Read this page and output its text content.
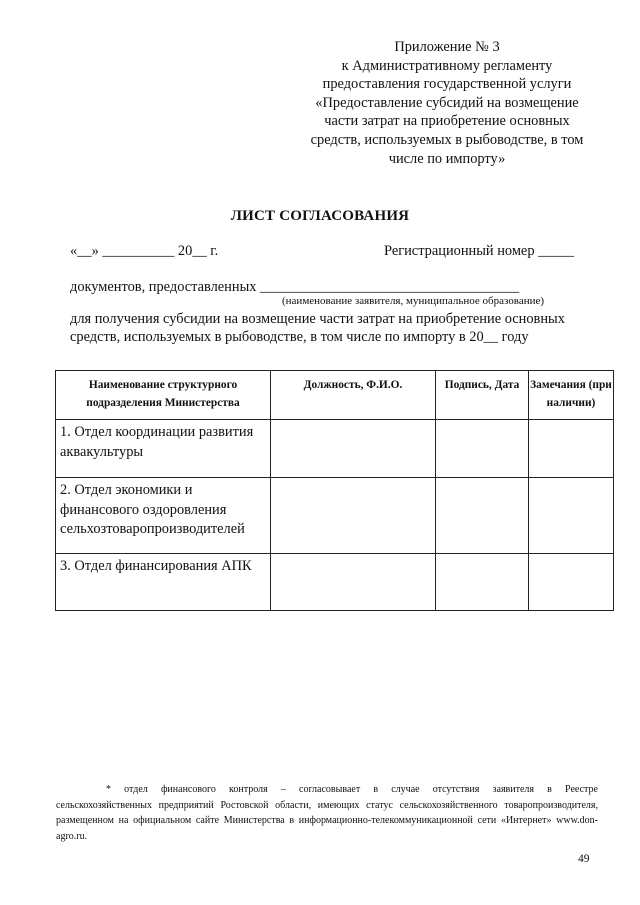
Приложение № 3
к Административному регламенту
предоставления государственной услуги
«Предоставление субсидий на возмещение
части затрат на приобретение основных
средств, используемых в рыбоводстве, в том
числе по импорту»
ЛИСТ СОГЛАСОВАНИЯ
«__» __________ 20__ г.	Регистрационный номер _____
документов, предоставленных ____________________________________
(наименование заявителя, муниципальное образование)
для получения субсидии на возмещение части затрат на приобретение основных средств, используемых в рыбоводстве, в том числе по импорту в 20__ году
Наименование структурного подразделения Министерства	Должность, Ф.И.О.	Подпись, Дата	Замечания (при наличии)
1. Отдел координации развития аквакультуры			
2. Отдел экономики и финансового оздоровления сельхозтоваропроизводителей			
3. Отдел финансирования АПК			
* отдел финансового контроля – согласовывает в случае отсутствия заявителя в Реестре
сельскохозяйственных предприятий Ростовской области, имеющих статус сельскохозяйственного товаропроизводителя, размещенном на официальном сайте Министерства в информационно-телекоммуникационной сети «Интернет» www.don-agro.ru.
49
